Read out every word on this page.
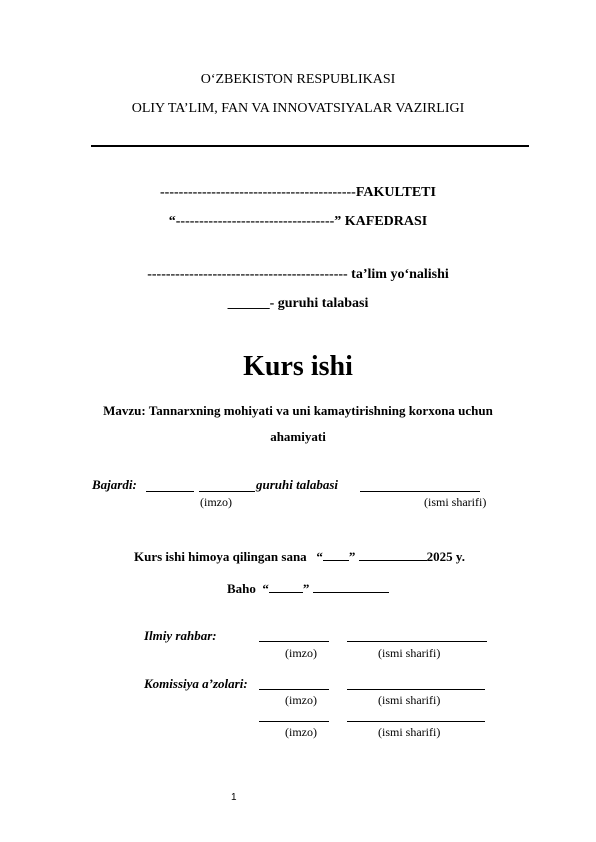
O‘ZBEKISTON RESPUBLIKASI
OLIY TA’LIM, FAN VA INNOVATSIYALAR VAZIRLIGI
------------------------------------------FAKULTETI
“----------------------------------” KAFEDRASI
------------------------------------------- ta’lim yo‘nalishi
______- guruhi talabasi
Kurs ishi
Mavzu: Tannarxning mohiyati va uni kamaytirishning korxona uchun
ahamiyati
Bajardi:	guruhi talabasi
(imzo)	(ismi sharifi)
Kurs ishi himoya qilingan sana “ ”	2025 y.
Baho “	”
Ilmiy rahbar:
(imzo)	(ismi sharifi)
Komissiya a’zolari:
(imzo)	(ismi sharifi)
(imzo)	(ismi sharifi)
1
